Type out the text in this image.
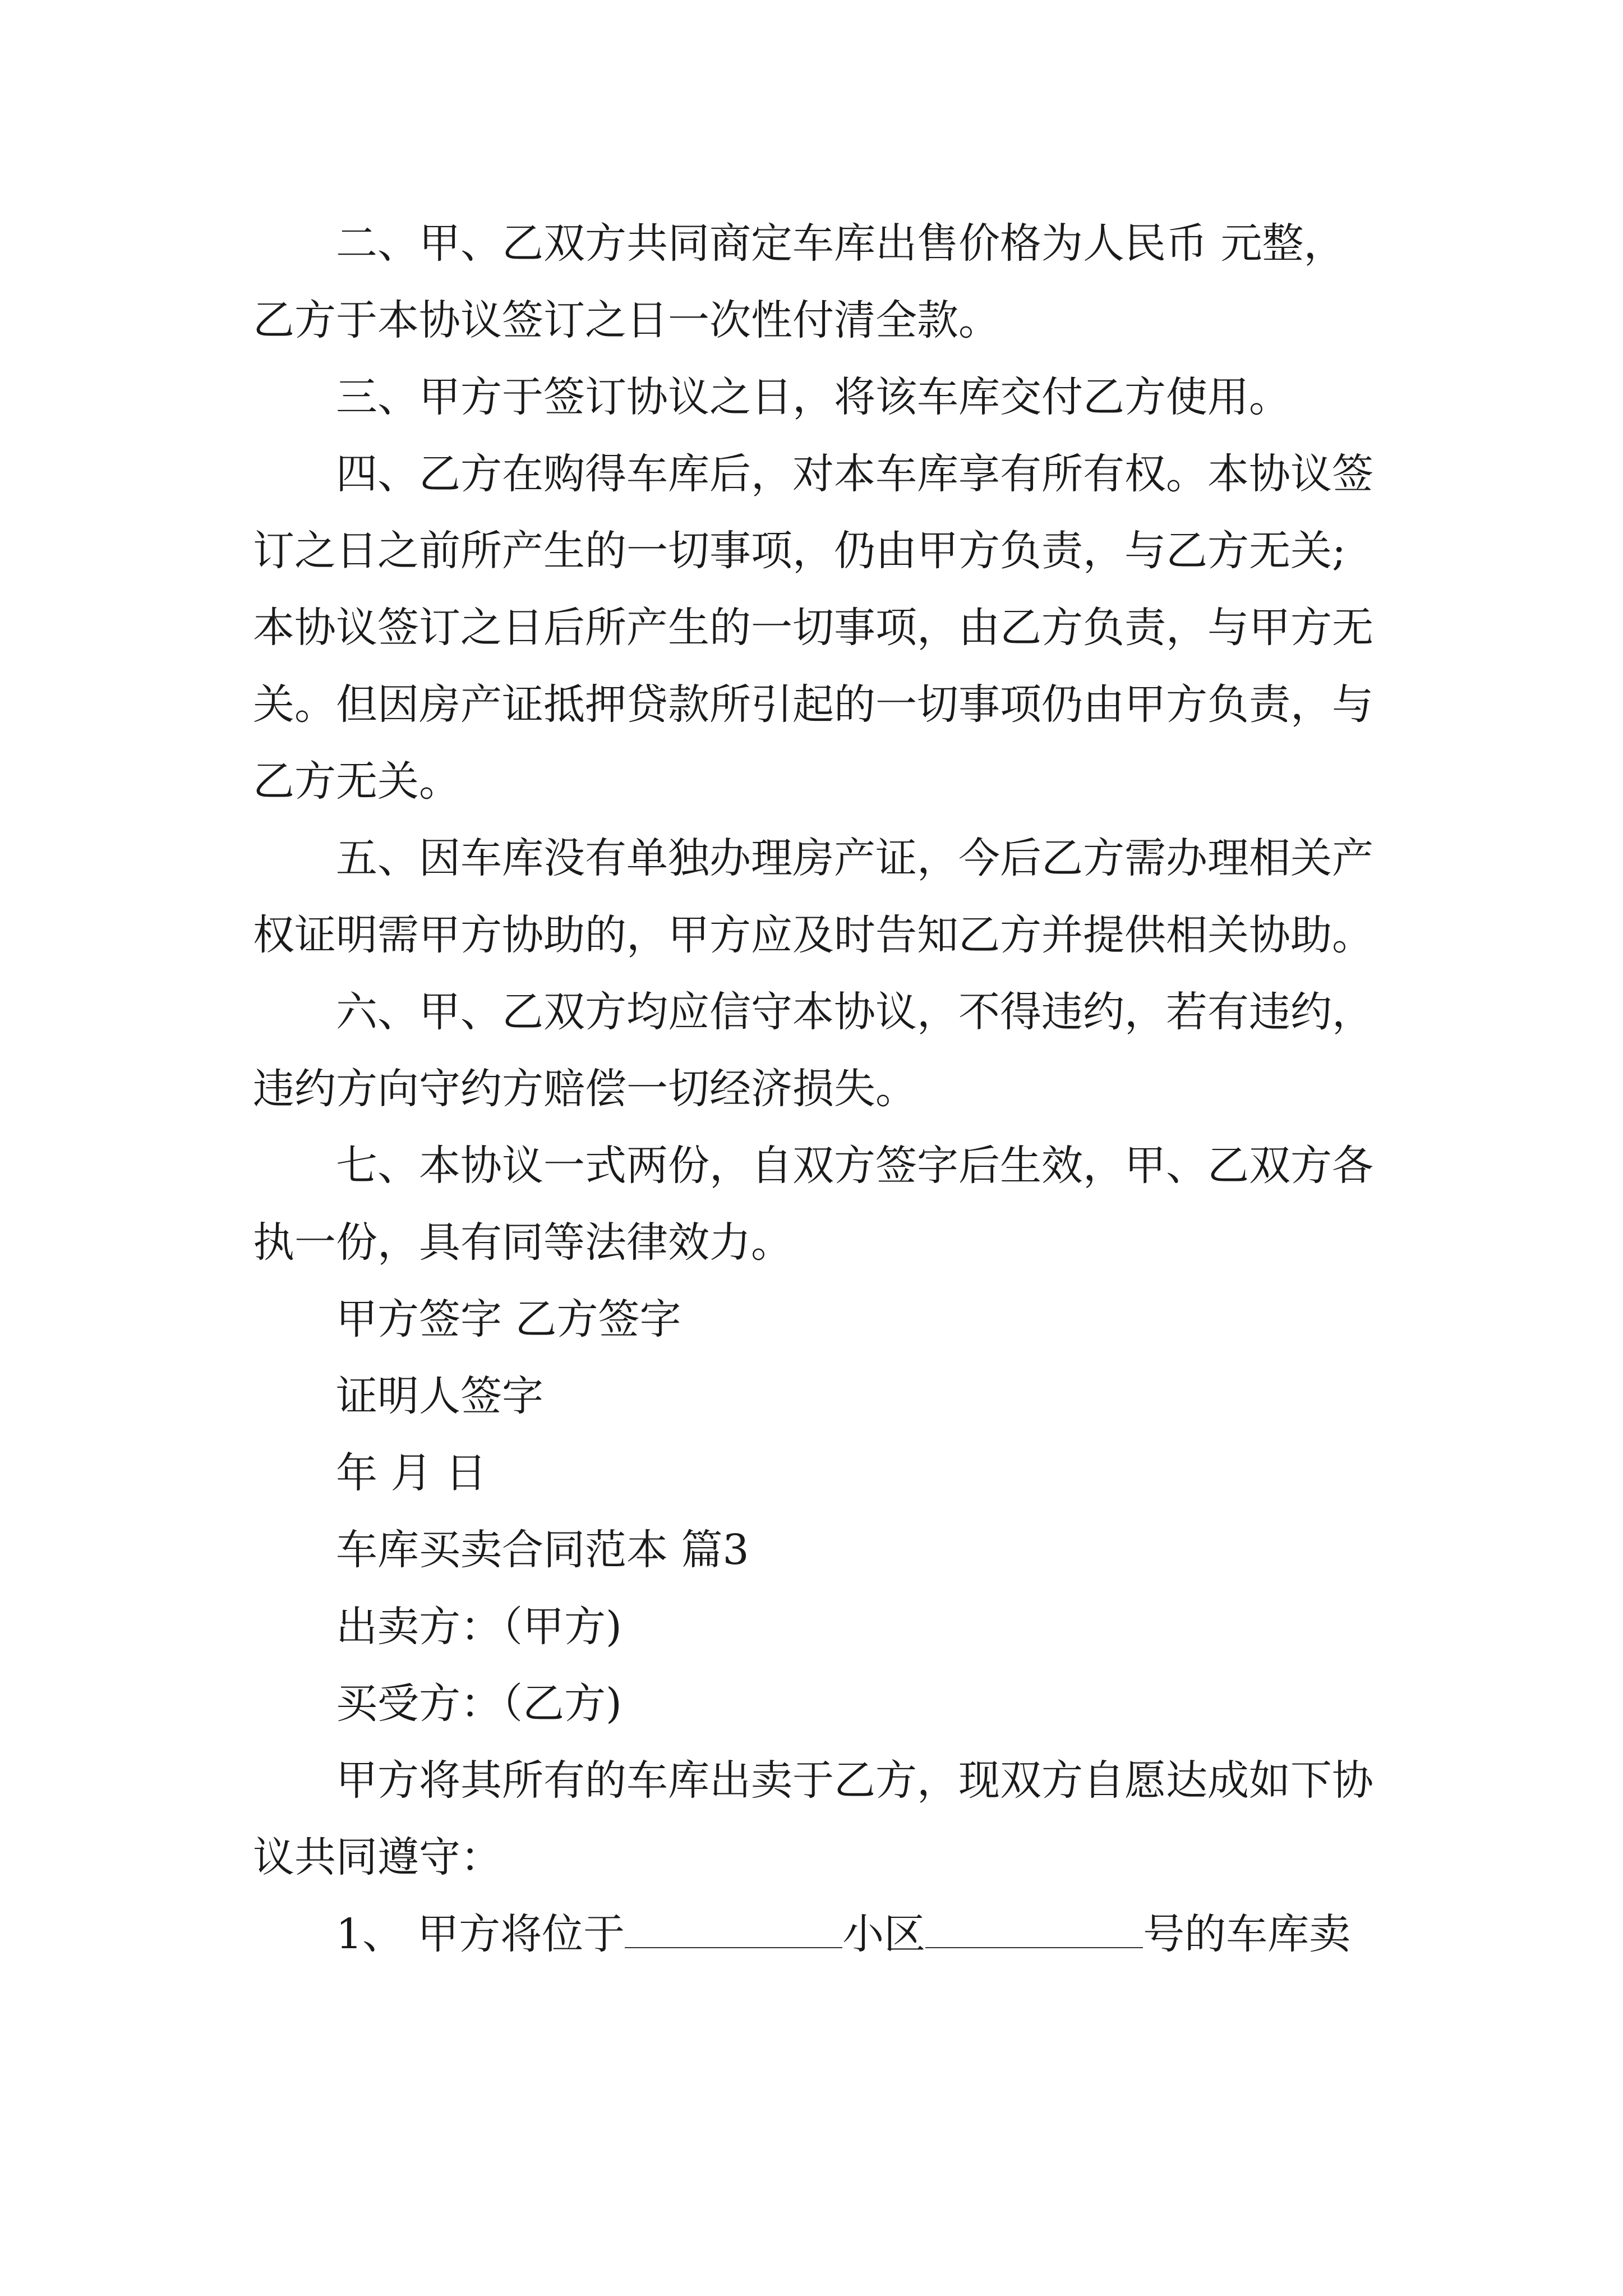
二、甲、乙双方共同商定车库出售价格为人民币 元整，乙方于本协议签订之日一次性付清全款。

三、甲方于签订协议之日，将该车库交付乙方使用。

四、乙方在购得车库后，对本车库享有所有权。本协议签订之日之前所产生的一切事项，仍由甲方负责，与乙方无关;本协议签订之日后所产生的一切事项，由乙方负责，与甲方无关。但因房产证抵押贷款所引起的一切事项仍由甲方负责，与乙方无关。

五、因车库没有单独办理房产证，今后乙方需办理相关产权证明需甲方协助的，甲方应及时告知乙方并提供相关协助。

六、甲、乙双方均应信守本协议，不得违约，若有违约，违约方向守约方赔偿一切经济损失。

七、本协议一式两份，自双方签字后生效，甲、乙双方各执一份，具有同等法律效力。

甲方签字 乙方签字

证明人签字

年 月 日

车库买卖合同范本 篇3

出卖方：（甲方)

买受方：（乙方)

甲方将其所有的车库出卖于乙方，现双方自愿达成如下协议共同遵守：

1、 甲方将位于	小区	号的车库卖
